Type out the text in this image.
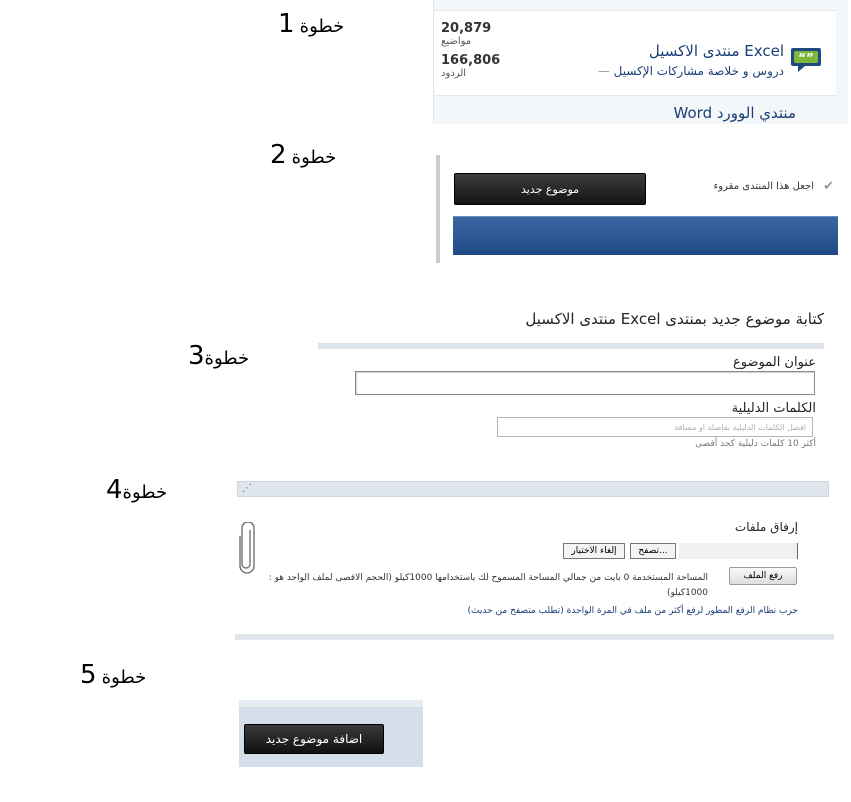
خطوة 1
خطوة 2
خطوة3
خطوة4
خطوة 5
20,879
مواضيع
166,806
الردود
Excel منتدى الاكسيل
دروس و خلاصة مشاركات الإكسيل —
“”
منتدي الوورد Word
✔
اجعل هذا المنتدى مقروء
موضوع جديد
كتابة موضوع جديد بمنتدى Excel منتدى الاكسيل
عنوان الموضوع
الكلمات الدليلية
افصل الكلمات الدليلية بفاصلة او مسافة
أكثر 10 كلمات دليلية كحد أقصى
⋰
إرفاق ملفات
تصفح...
إلغاء الاختيار
رفع الملف
المساحة المستخدمة 0 بايت من جمالي المساحة المسموح لك باستخدامها 1000كيلو (الحجم الاقصى لملف الواحد هو : 1000كيلو)
جرب نظام الرفع المطور لرفع أكثر من ملف في المرة الواحدة (تطلب متصفح من حديث)
اضافة موضوع جديد
